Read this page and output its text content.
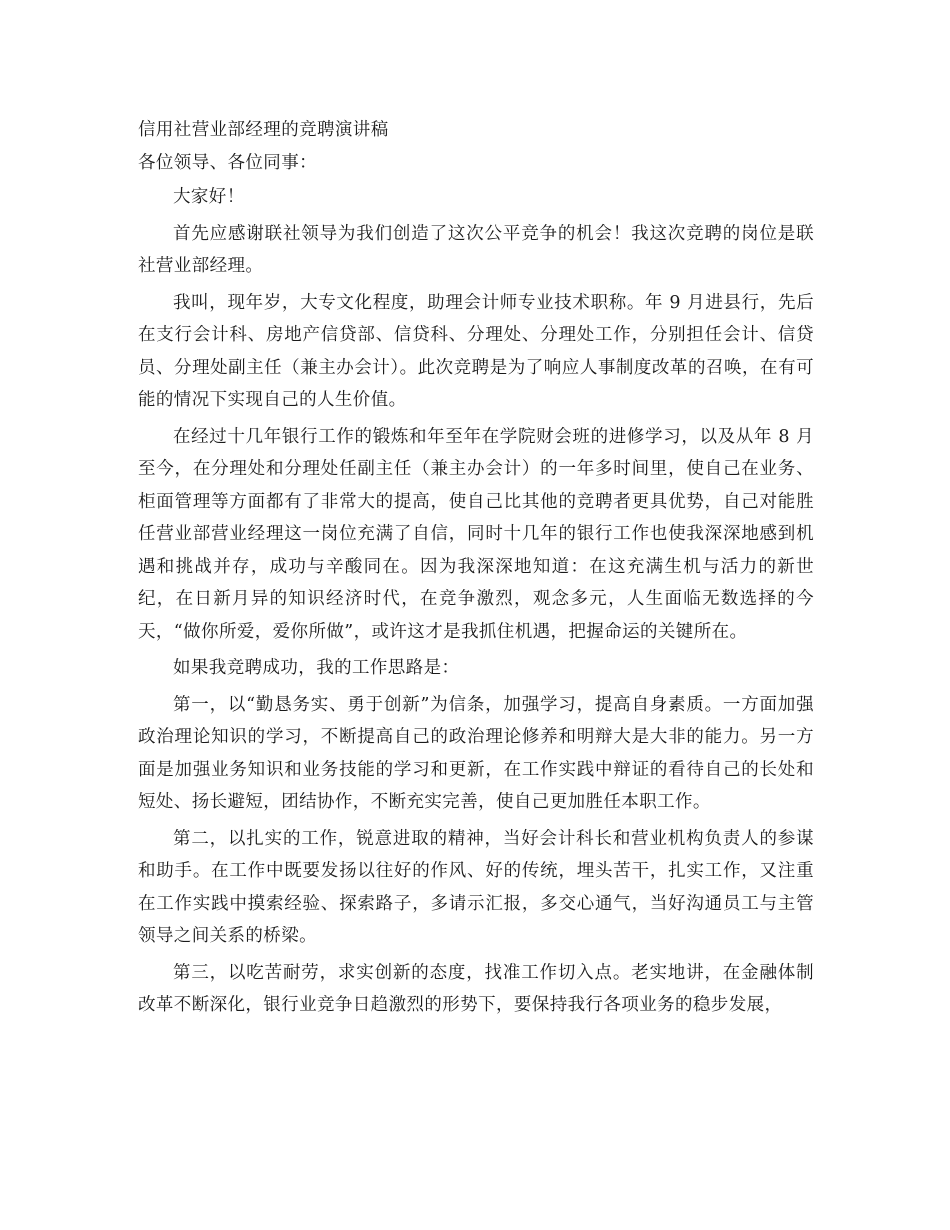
信用社营业部经理的竞聘演讲稿

各位领导、各位同事：

大家好！

首先应感谢联社领导为我们创造了这次公平竞争的机会！我这次竞聘的岗位是联社营业部经理。

我叫，现年岁，大专文化程度，助理会计师专业技术职称。年 9 月进县行，先后在支行会计科、房地产信贷部、信贷科、分理处、分理处工作，分别担任会计、信贷员、分理处副主任（兼主办会计）。此次竞聘是为了响应人事制度改革的召唤，在有可能的情况下实现自己的人生价值。

在经过十几年银行工作的锻炼和年至年在学院财会班的进修学习，以及从年 8 月至今，在分理处和分理处任副主任（兼主办会计）的一年多时间里，使自己在业务、柜面管理等方面都有了非常大的提高，使自己比其他的竞聘者更具优势，自己对能胜任营业部营业经理这一岗位充满了自信，同时十几年的银行工作也使我深深地感到机遇和挑战并存，成功与辛酸同在。因为我深深地知道：在这充满生机与活力的新世纪，在日新月异的知识经济时代，在竞争激烈，观念多元，人生面临无数选择的今天，“做你所爱，爱你所做”，或许这才是我抓住机遇，把握命运的关键所在。

如果我竞聘成功，我的工作思路是：

第一，以“勤恳务实、勇于创新”为信条，加强学习，提高自身素质。一方面加强政治理论知识的学习，不断提高自己的政治理论修养和明辩大是大非的能力。另一方面是加强业务知识和业务技能的学习和更新，在工作实践中辩证的看待自己的长处和短处、扬长避短，团结协作，不断充实完善，使自己更加胜任本职工作。

第二，以扎实的工作，锐意进取的精神，当好会计科长和营业机构负责人的参谋和助手。在工作中既要发扬以往好的作风、好的传统，埋头苦干，扎实工作，又注重在工作实践中摸索经验、探索路子，多请示汇报，多交心通气，当好沟通员工与主管领导之间关系的桥梁。

第三，以吃苦耐劳，求实创新的态度，找准工作切入点。老实地讲，在金融体制改革不断深化，银行业竞争日趋激烈的形势下，要保持我行各项业务的稳步发展，
